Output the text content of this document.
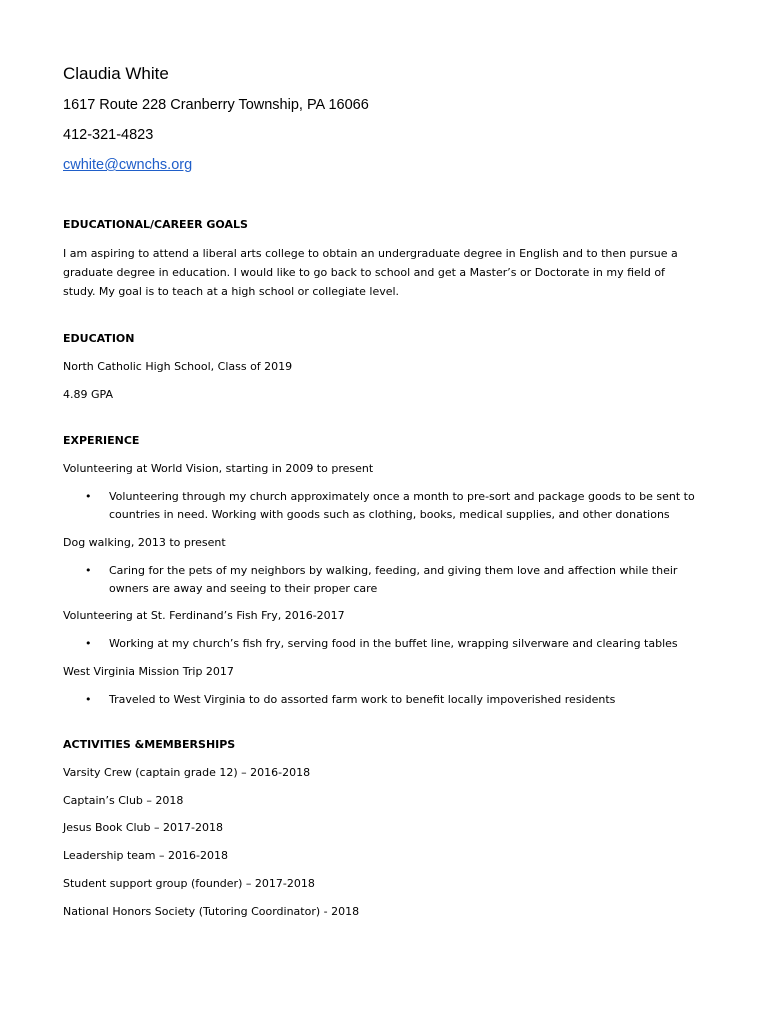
Claudia White
1617 Route 228 Cranberry Township, PA 16066
412-321-4823
cwhite@cwnchs.org
EDUCATIONAL/CAREER GOALS
I am aspiring to attend a liberal arts college to obtain an undergraduate degree in English and to then pursue a
graduate degree in education. I would like to go back to school and get a Master’s or Doctorate in my field of
study. My goal is to teach at a high school or collegiate level.
EDUCATION
North Catholic High School, Class of 2019
4.89 GPA
EXPERIENCE
Volunteering at World Vision, starting in 2009 to present
•	Volunteering through my church approximately once a month to pre-sort and package goods to be sent to
countries in need. Working with goods such as clothing, books, medical supplies, and other donations
Dog walking, 2013 to present
•	Caring for the pets of my neighbors by walking, feeding, and giving them love and affection while their
owners are away and seeing to their proper care
Volunteering at St. Ferdinand’s Fish Fry, 2016-2017
•	Working at my church’s fish fry, serving food in the buffet line, wrapping silverware and clearing tables
West Virginia Mission Trip 2017
•	Traveled to West Virginia to do assorted farm work to benefit locally impoverished residents
ACTIVITIES &MEMBERSHIPS
Varsity Crew (captain grade 12) – 2016-2018
Captain’s Club – 2018
Jesus Book Club – 2017-2018
Leadership team – 2016-2018
Student support group (founder) – 2017-2018
National Honors Society (Tutoring Coordinator) - 2018
